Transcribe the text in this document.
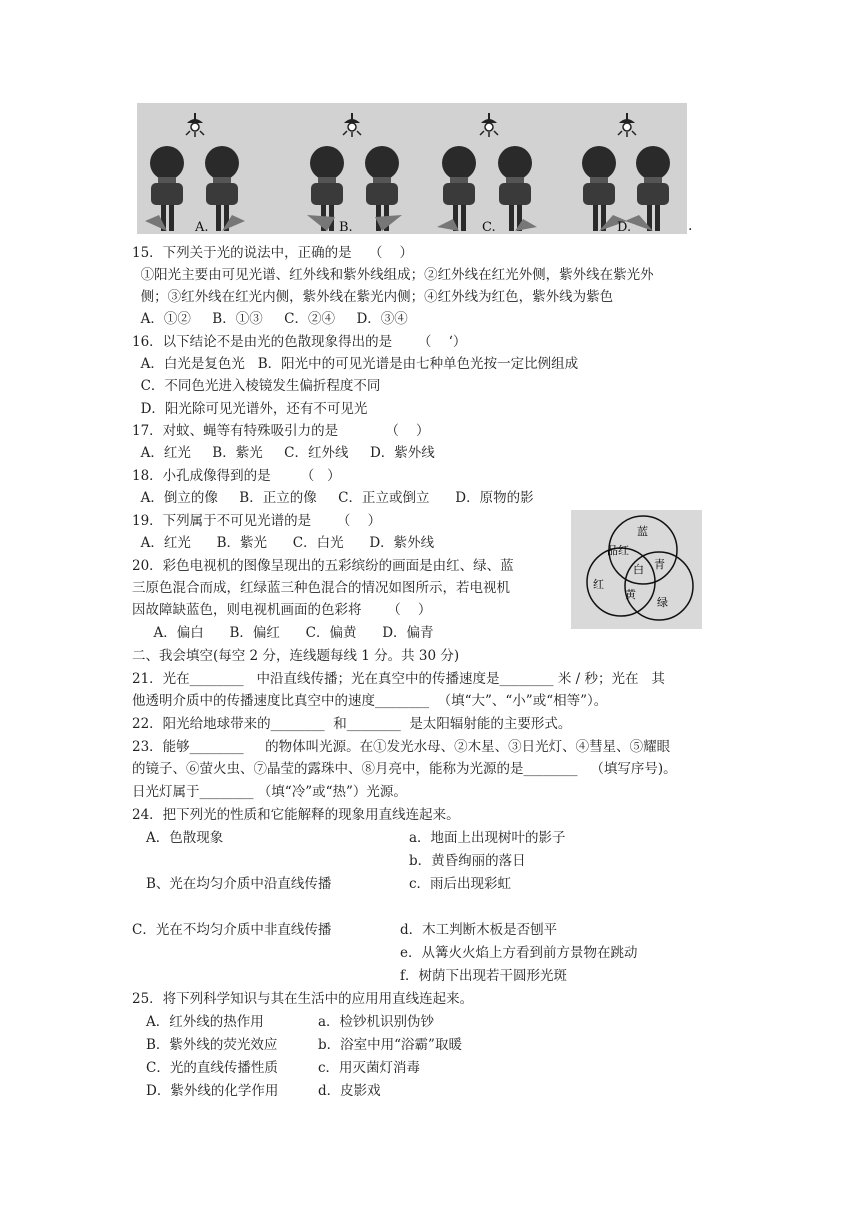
A.	B.	C.	D.	.
蓝
品红
白 青
红
黄
绿
15．下列关于光的说法中，正确的是    （    ）
①阳光主要由可见光谱、红外线和紫外线组成；②红外线在红光外侧，紫外线在紫光外
侧；③红外线在红光内侧，紫外线在紫光内侧；④红外线为红色，紫外线为紫色
A．①②     B．①③     C．②④     D．③④
16．以下结论不是由光的色散现象得出的是      （    ‘）
A．白光是复色光   B．阳光中的可见光谱是由七种单色光按一定比例组成
C．不同色光进入棱镜发生偏折程度不同
D．阳光除可见光谱外，还有不可见光
17．对蚊、蝇等有特殊吸引力的是           （    ）
A．红光     B．紫光     C．红外线     D．紫外线
18．小孔成像得到的是       （   ）
A．倒立的像     B．正立的像     C．正立或倒立      D．原物的影
19．下列属于不可见光谱的是      （    ）
A．红光      B．紫光      C．白光      D．紫外线
20．彩色电视机的图像呈现出的五彩缤纷的画面是由红、绿、蓝
三原色混合而成，红绿蓝三种色混合的情况如图所示，若电视机
因故障缺蓝色，则电视机画面的色彩将      （    ）
A．偏白      B．偏红      C．偏黄      D．偏青
二、我会填空(每空 2 分，连线题每线 1 分。共 30 分)
21．光在________   中沿直线传播；光在真空中的传播速度是________ 米 / 秒；光在   其
他透明介质中的传播速度比真空中的速度________  （填“大”、“小”或“相等”）。
22．阳光给地球带来的________  和________  是太阳辐射能的主要形式。
23．能够________     的物体叫光源。在①发光水母、②木星、③日光灯、④彗星、⑤耀眼
的镜子、⑥萤火虫、⑦晶莹的露珠中、⑧月亮中，能称为光源的是________   （填写序号)。
日光灯属于________ （填“冷”或“热”）光源。
24．把下列光的性质和它能解释的现象用直线连起来。
A．色散现象	a．地面上出现树叶的影子
b．黄昏绚丽的落日
B、光在均匀介质中沿直线传播	c．雨后出现彩虹
C．光在不均匀介质中非直线传播	d．木工判断木板是否刨平
e．从篝火火焰上方看到前方景物在跳动
f．树荫下出现若干圆形光斑
25．将下列科学知识与其在生活中的应用用直线连起来。
A．红外线的热作用	a．检钞机识别伪钞
B．紫外线的荧光效应	b．浴室中用“浴霸”取暖
C．光的直线传播性质	c．用灭菌灯消毒
D．紫外线的化学作用	d．皮影戏
